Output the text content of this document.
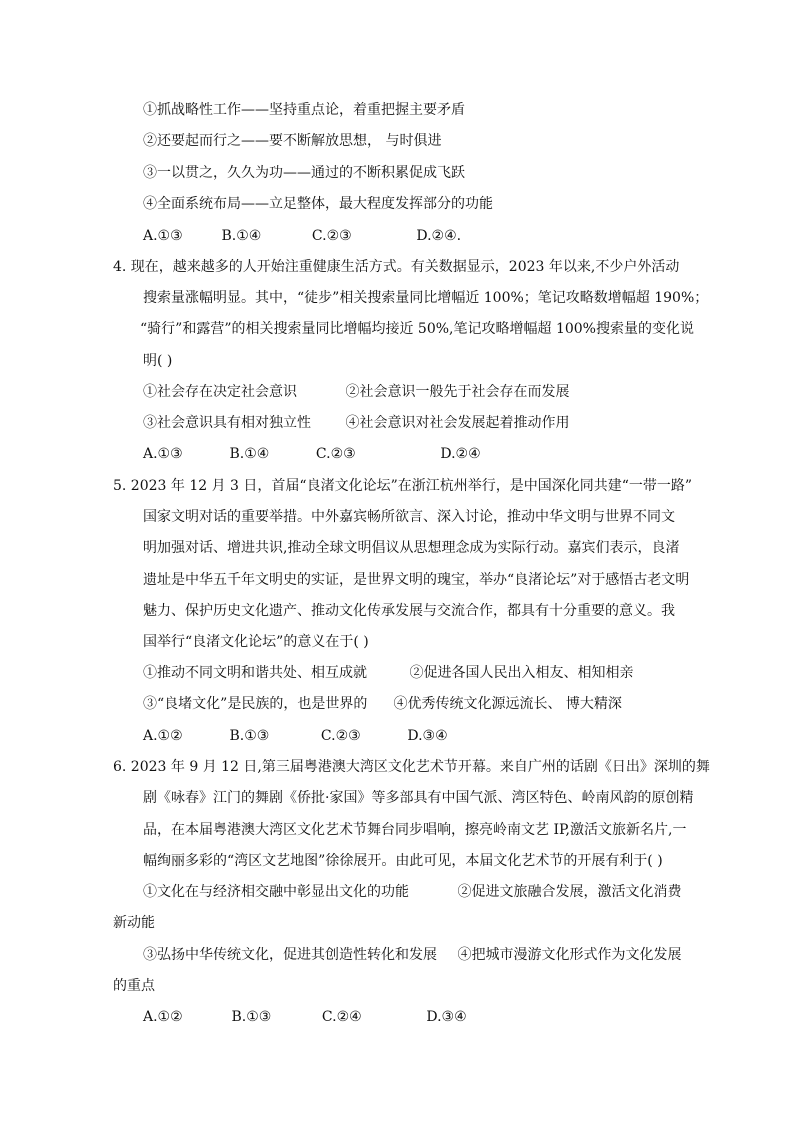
①抓战略性工作——坚持重点论，着重把握主要矛盾
②还要起而行之——要不断解放思想， 与时俱进
③一以贯之，久久为功——通过的不断积累促成飞跃
④全面系统布局——立足整体，最大程度发挥部分的功能
A.①③	B.①④	C.②③	D.②④.
4. 现在，越来越多的人开始注重健康生活方式。有关数据显示，2023 年以来,不少户外活动
搜索量涨幅明显。其中，“徒步”相关搜索量同比增幅近 100%；笔记攻略数增幅超 190%；
“骑行”和露营”的相关搜索量同比增幅均接近 50%,笔记攻略增幅超 100%搜索量的变化说
明( )
①社会存在决定社会意识	②社会意识一般先于社会存在而发展
③社会意识具有相对独立性 ④社会意识对社会发展起着推动作用
A.①③	B.①④	C.②③	D.②④
5. 2023 年 12 月 3 日，首届“良渚文化论坛”在浙江杭州举行，是中国深化同共建“一带一路”
国家文明对话的重要举措。中外嘉宾畅所欲言、深入讨论，推动中华文明与世界不同文
明加强对话、增进共识,推动全球文明倡议从思想理念成为实际行动。嘉宾们表示，良渚
遗址是中华五千年文明史的实证，是世界文明的瑰宝，举办“良渚论坛”对于感悟古老文明
魅力、保护历史文化遗产、推动文化传承发展与交流合作，都具有十分重要的意义。我
国举行“良渚文化论坛”的意义在于( )
①推动不同文明和谐共处、相互成就	②促进各国人民出入相友、相知相亲
③“良堵文化”是民族的，也是世界的 ④优秀传统文化源远流长、 博大精深
A.①②	B.①③	C.②③	D.③④
6. 2023 年 9 月 12 日,第三届粤港澳大湾区文化艺术节开幕。来自广州的话剧《日出》深圳的舞
剧《咏春》江门的舞剧《侨批·家国》等多部具有中国气派、湾区特色、岭南风韵的原创精
品，在本届粤港澳大湾区文化艺术节舞台同步唱响，擦亮岭南文艺 IP,激活文旅新名片,一
幅绚丽多彩的“湾区文艺地图”徐徐展开。由此可见，本届文化艺术节的开展有利于( )
①文化在与经济相交融中彰显出文化的功能	②促进文旅融合发展，激活文化消费
新动能
③弘扬中华传统文化，促进其创造性转化和发展 ④把城市漫游文化形式作为文化发展
的重点
A.①②	B.①③	C.②④	D.③④
